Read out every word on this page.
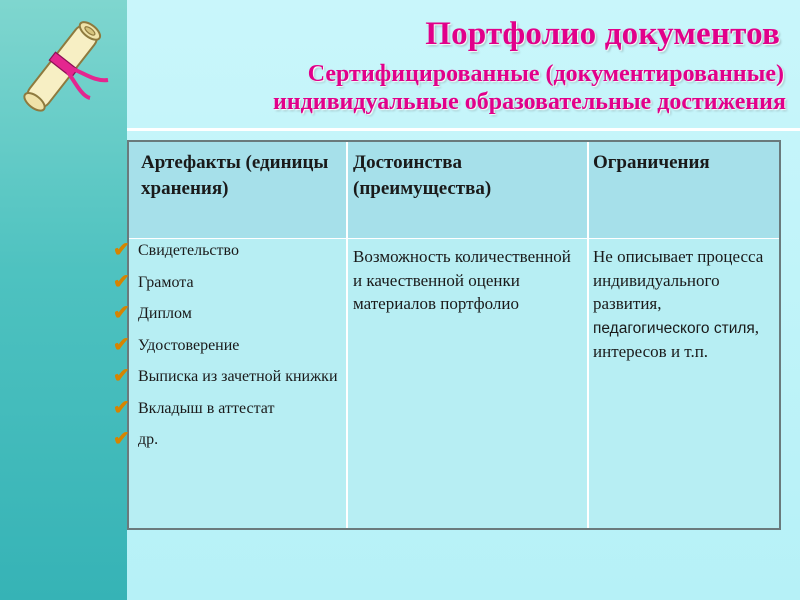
Портфолио документов
Сертифицированные (документированные)
индивидуальные образовательные достижения
Артефакты (единицы хранения)
Достоинства (преимущества)
Ограничения
Возможность количественной и качественной оценки материалов портфолио
Не описывает процесса индивидуального развития, педагогического стиля, интересов и т.п.
✔ Свидетельство
✔ Грамота
✔ Диплом
✔ Удостоверение
✔ Выписка из зачетной книжки
✔ Вкладыш в аттестат
✔ др.
